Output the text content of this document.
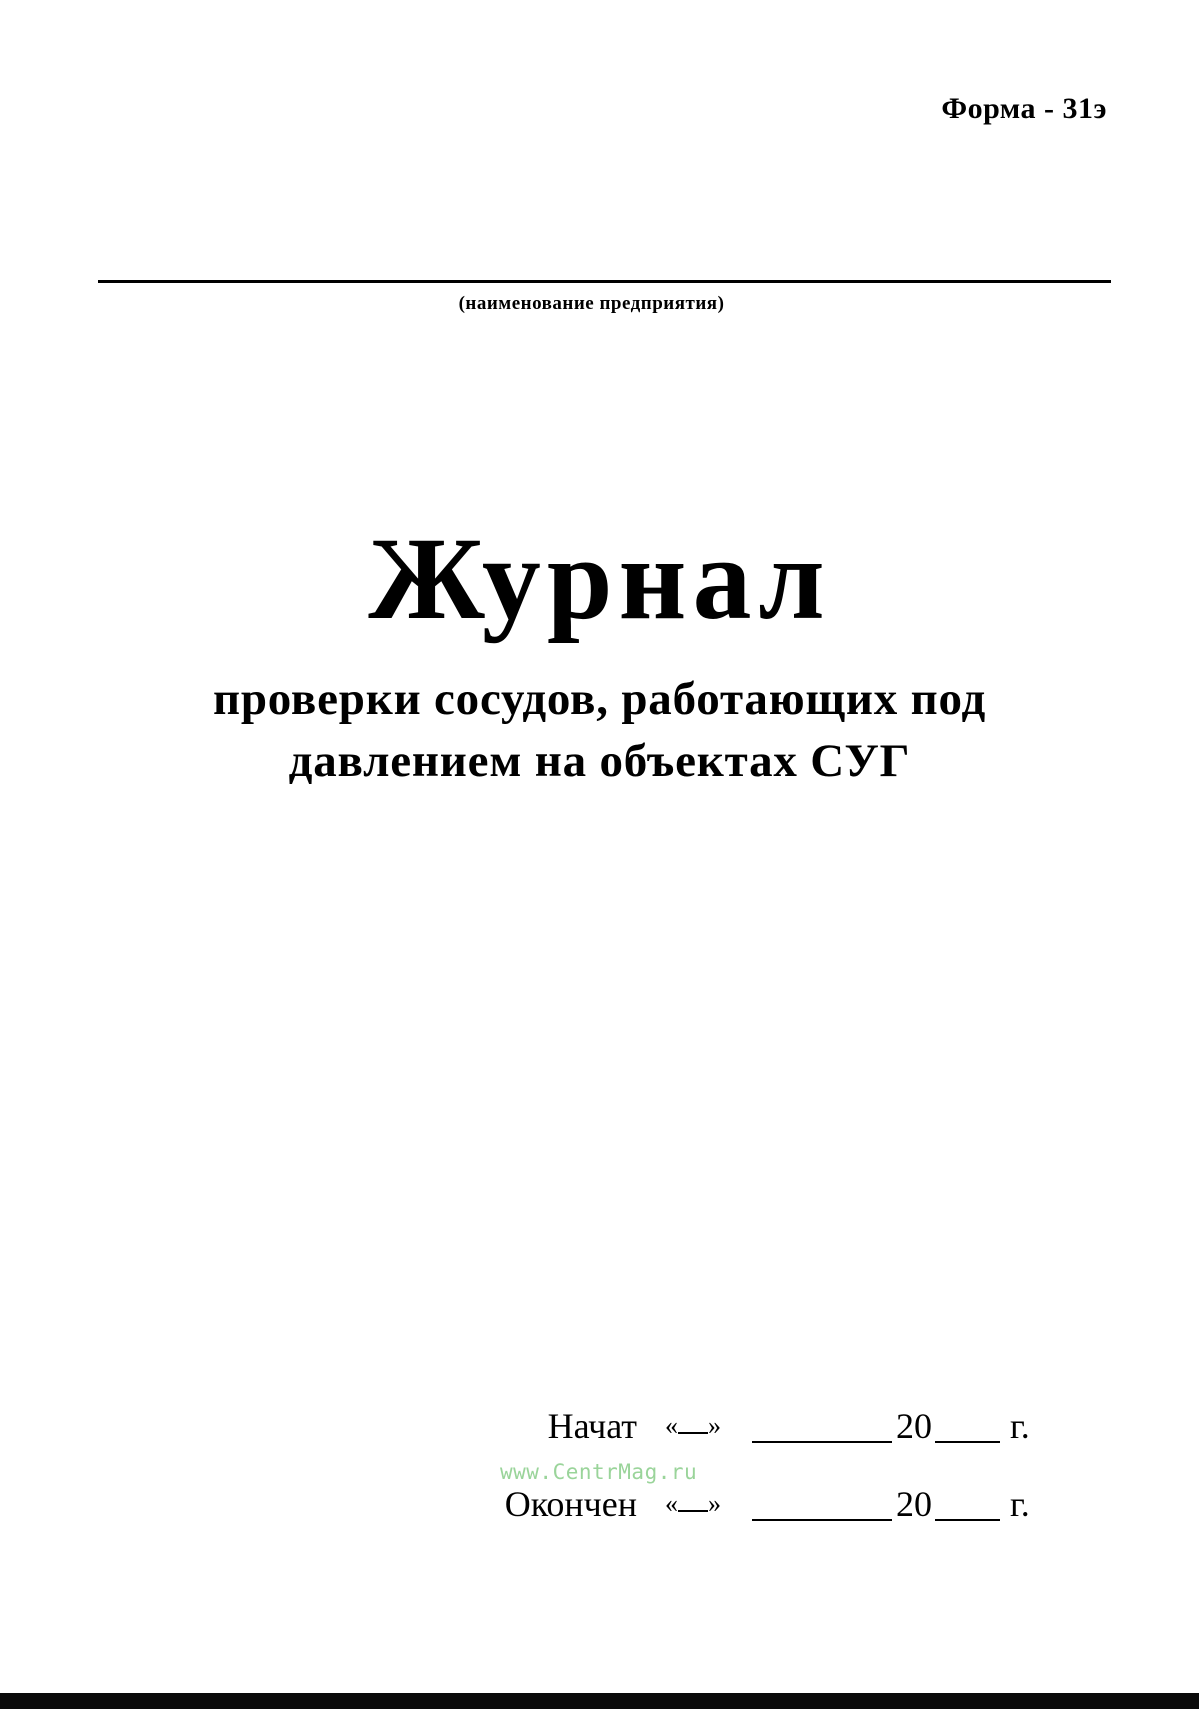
Форма - 31э
(наименование предприятия)
Журнал
проверки сосудов, работающих под
давлением на объектах СУГ
Начат « »	20 г.
Окончен « »	20 г.
www.CentrMag.ru
